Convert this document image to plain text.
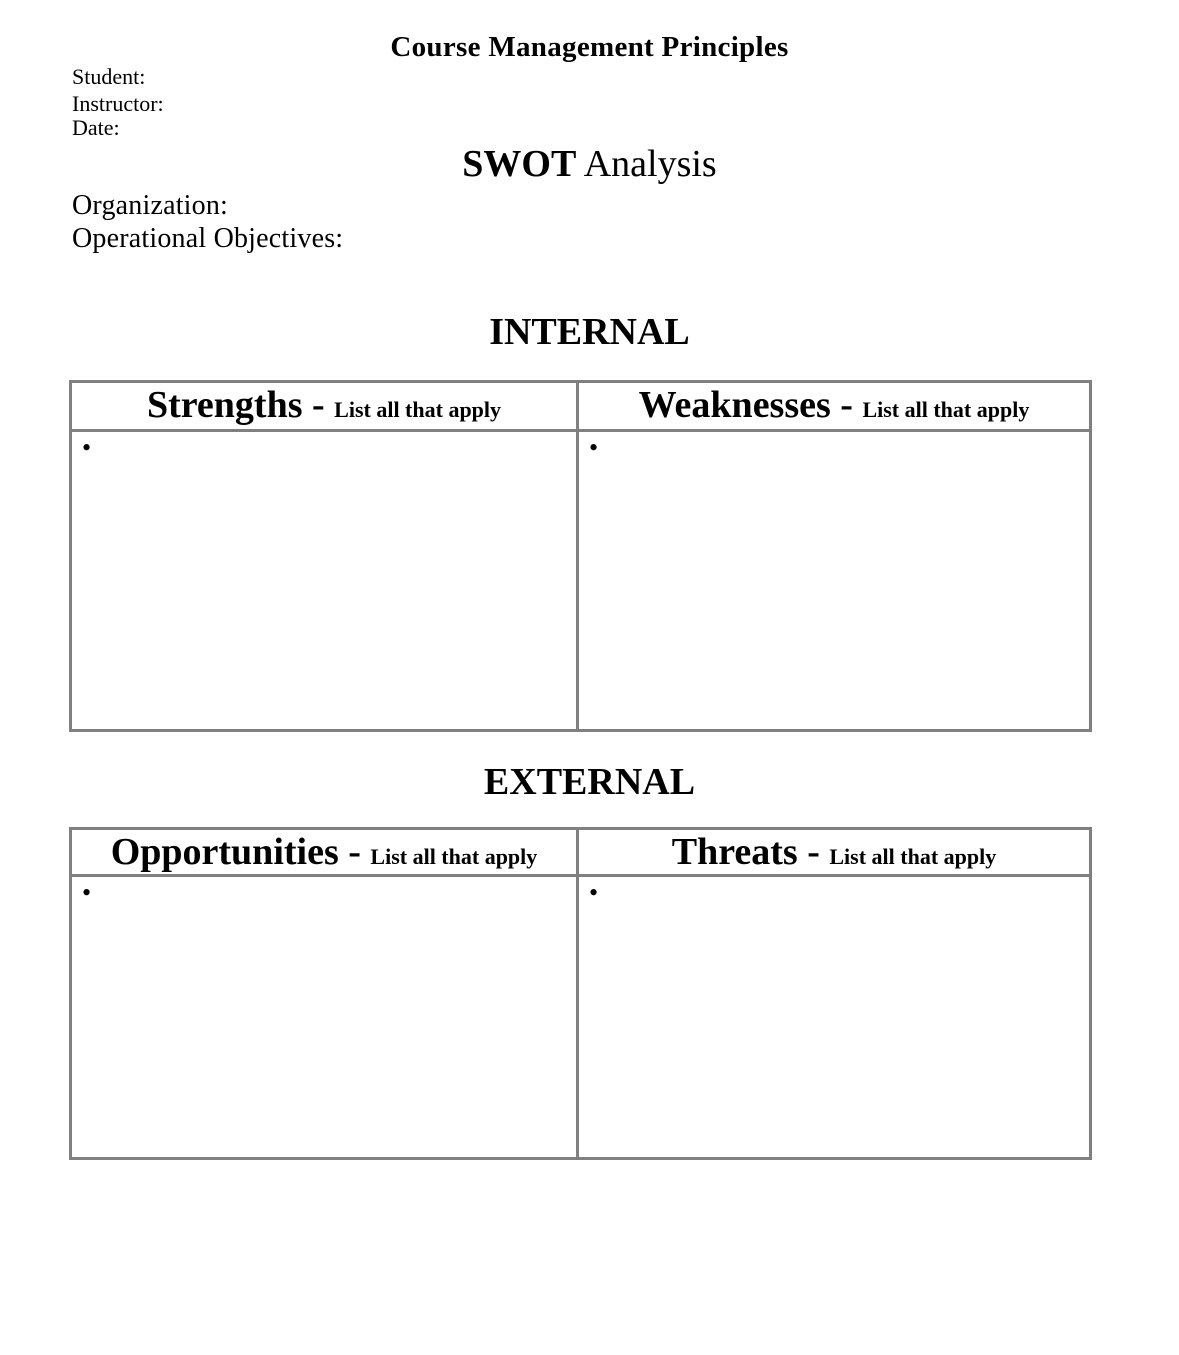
Course Management Principles
Student:
Instructor:
Date:
SWOT Analysis
Organization:
Operational Objectives:
INTERNAL
Strengths - List all that apply	Weaknesses - List all that apply

•	•
EXTERNAL
Opportunities - List all that apply	Threats - List all that apply

•	•
